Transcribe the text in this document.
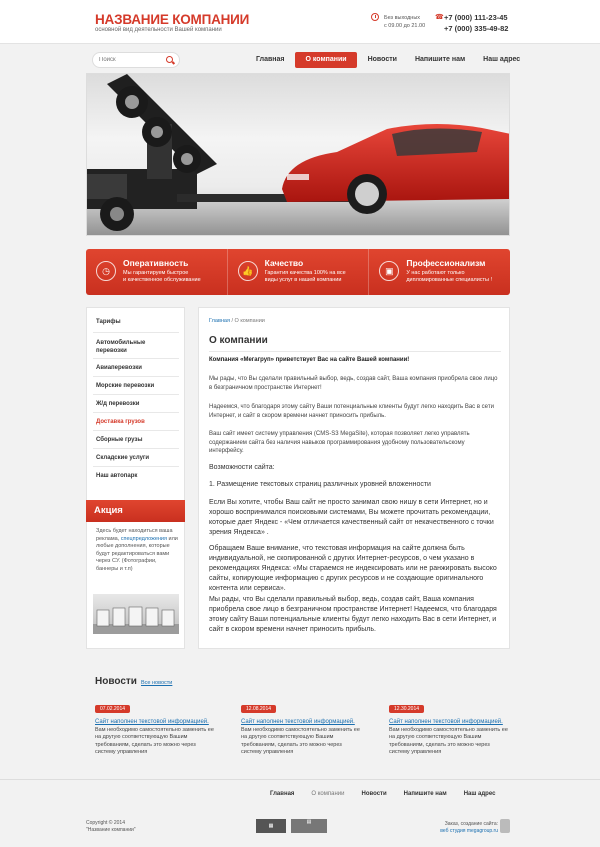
НАЗВАНИЕ КОМПАНИИ
основной вид деятельности Вашей компании
Без выходных
с 09.00 до 21.00
☎ +7 (000) 111-23-45
+7 (000) 335-49-82
Поиск
Главная	О компании	Новости	Напишите нам	Наш адрес
◷
Оперативность
Мы гарантируем быстрое
и качественное обслуживание
👍
Качество
Гарантия качества 100% на все
виды услуг в нашей компании
▣
Профессионализм
У нас работают только
дипломированные специалисты !
Тарифы
Автомобильные перевозки
Авиаперевозки
Морские перевозки
Ж/д перевозки
Доставка грузов
Сборные грузы
Складские услуги
Наш автопарк
Акция
Здесь будет находиться ваша реклама, спецпредложения или любые дополнения, которые будут редактироваться вами через CУ. (Фотографии, баннеры и т.п)
Главная / О компании
О компании
Компания «Мегагруп» приветствует Вас на сайте Вашей компании!
Мы рады, что Вы сделали правильный выбор, ведь, создав сайт, Ваша компания приобрела свое лицо в безграничном пространстве Интернет!
Надеемся, что благодаря этому сайту Ваши потенциальные клиенты будут легко находить Вас в сети Интернет, и сайт в скором времени начнет приносить прибыль.
Ваш сайт имеет систему управления (CMS-S3 MegaSite), которая позволяет легко управлять содержанием сайта без наличия навыков программирования удобному пользовательскому интерфейсу.
Возможности сайта:
1. Размещение текстовых страниц различных уровней вложенности
Если Вы хотите, чтобы Ваш сайт не просто занимал свою нишу в сети Интернет, но и хорошо воспринимался поисковыми системами, Вы можете прочитать рекомендации, которые дает Яндекс - «Чем отличается качественный сайт от некачественного с точки зрения Яндекса» .
Обращаем Ваше внимание, что текстовая информация на сайте должна быть индивидуальной, не скопированной с других Интернет-ресурсов, о чем указано в рекомендациях Яндекса: «Мы стараемся не индексировать или не ранжировать высоко сайты, копирующие информацию с других ресурсов и не создающие оригинального контента или сервиса».
Мы рады, что Вы сделали правильный выбор, ведь, создав сайт, Ваша компания приобрела свое лицо в безграничном пространстве Интернет! Надеемся, что благодаря этому сайту Ваши потенциальные клиенты будут легко находить Вас в сети Интернет, и сайт в скором времени начнет приносить прибыль.
Новости Все новости
07.02.2014
Сайт наполнен текстовой информацией.
Вам необходимо самостоятельно заменить ее на другую соответствующую Вашим требованиям, сделать это можно через систему управления
12.08.2014
Сайт наполнен текстовой информацией.
Вам необходимо самостоятельно заменить ее на другую соответствующую Вашим требованиям, сделать это можно через систему управления
12.30.2014
Сайт наполнен текстовой информацией.
Вам необходимо самостоятельно заменить ее на другую соответствующую Вашим требованиям, сделать это можно через систему управления
Главная	О компании	Новости	Напишите нам	Наш адрес
Copyright © 2014
"Название компании"
▦
▤	Заказ, создание сайта:
веб студия megagroup.ru
